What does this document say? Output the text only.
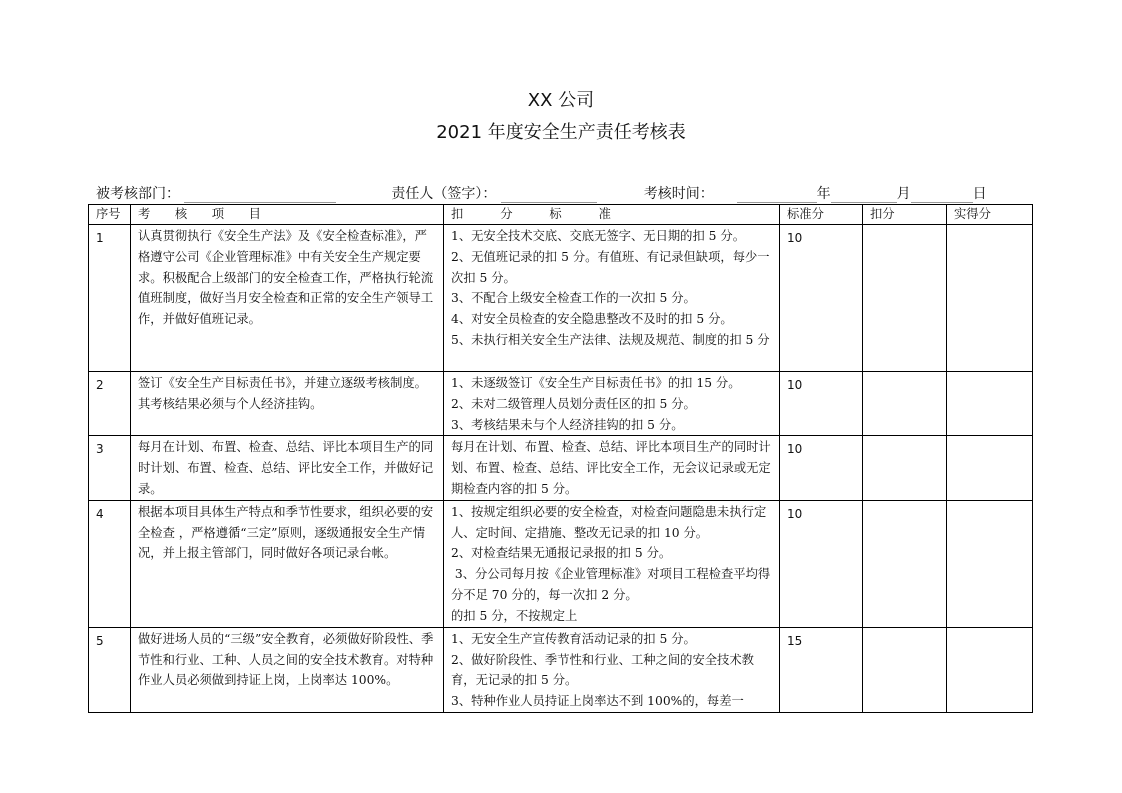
XX 公司
2021 年度安全生产责任考核表
被考核部门：	责任人（签字）：	考核时间：	年	月	日
序号	考　　核　　项　　目	扣　　　分　　　标　　　准	标准分	扣分	实得分
1	认真贯彻执行《安全生产法》及《安全检查标准》，严格遵守公司《企业管理标准》中有关安全生产规定要求。积极配合上级部门的安全检查工作，严格执行轮流值班制度，做好当月安全检查和正常的安全生产领导工作，并做好值班记录。	1、无安全技术交底、交底无签字、无日期的扣 5 分。
2、无值班记录的扣 5 分。有值班、有记录但缺项，每少一次扣 5 分。
3、不配合上级安全检查工作的一次扣 5 分。
4、对安全员检查的安全隐患整改不及时的扣 5 分。
5、未执行相关安全生产法律、法规及规范、制度的扣 5 分	10		
2	签订《安全生产目标责任书》，并建立逐级考核制度。其考核结果必须与个人经济挂钩。	1、未逐级签订《安全生产目标责任书》的扣 15 分。
2、未对二级管理人员划分责任区的扣 5 分。
3、考核结果未与个人经济挂钩的扣 5 分。	10		
3	每月在计划、布置、检查、总结、评比本项目生产的同时计划、布置、检查、总结、评比安全工作，并做好记录。	每月在计划、布置、检查、总结、评比本项目生产的同时计划、布置、检查、总结、评比安全工作，无会议记录或无定期检查内容的扣 5 分。	10		
4	根据本项目具体生产特点和季节性要求，组织必要的安全检查 ，严格遵循“三定”原则，逐级通报安全生产情况，并上报主管部门，同时做好各项记录台帐。	1、按规定组织必要的安全检查，对检查问题隐患未执行定人、定时间、定措施、整改无记录的扣 10 分。
2、对检查结果无通报记录报的扣 5 分。
3、分公司每月按《企业管理标准》对项目工程检查平均得分不足 70 分的，每一次扣 2 分。
的扣 5 分，不按规定上	10		
5	做好进场人员的“三级”安全教育，必须做好阶段性、季节性和行业、工种、人员之间的安全技术教育。对特种作业人员必须做到持证上岗，上岗率达 100%。	1、无安全生产宣传教育活动记录的扣 5 分。
2、做好阶段性、季节性和行业、工种之间的安全技术教育，无记录的扣 5 分。
3、特种作业人员持证上岗率达不到 100%的，每差一	15		
